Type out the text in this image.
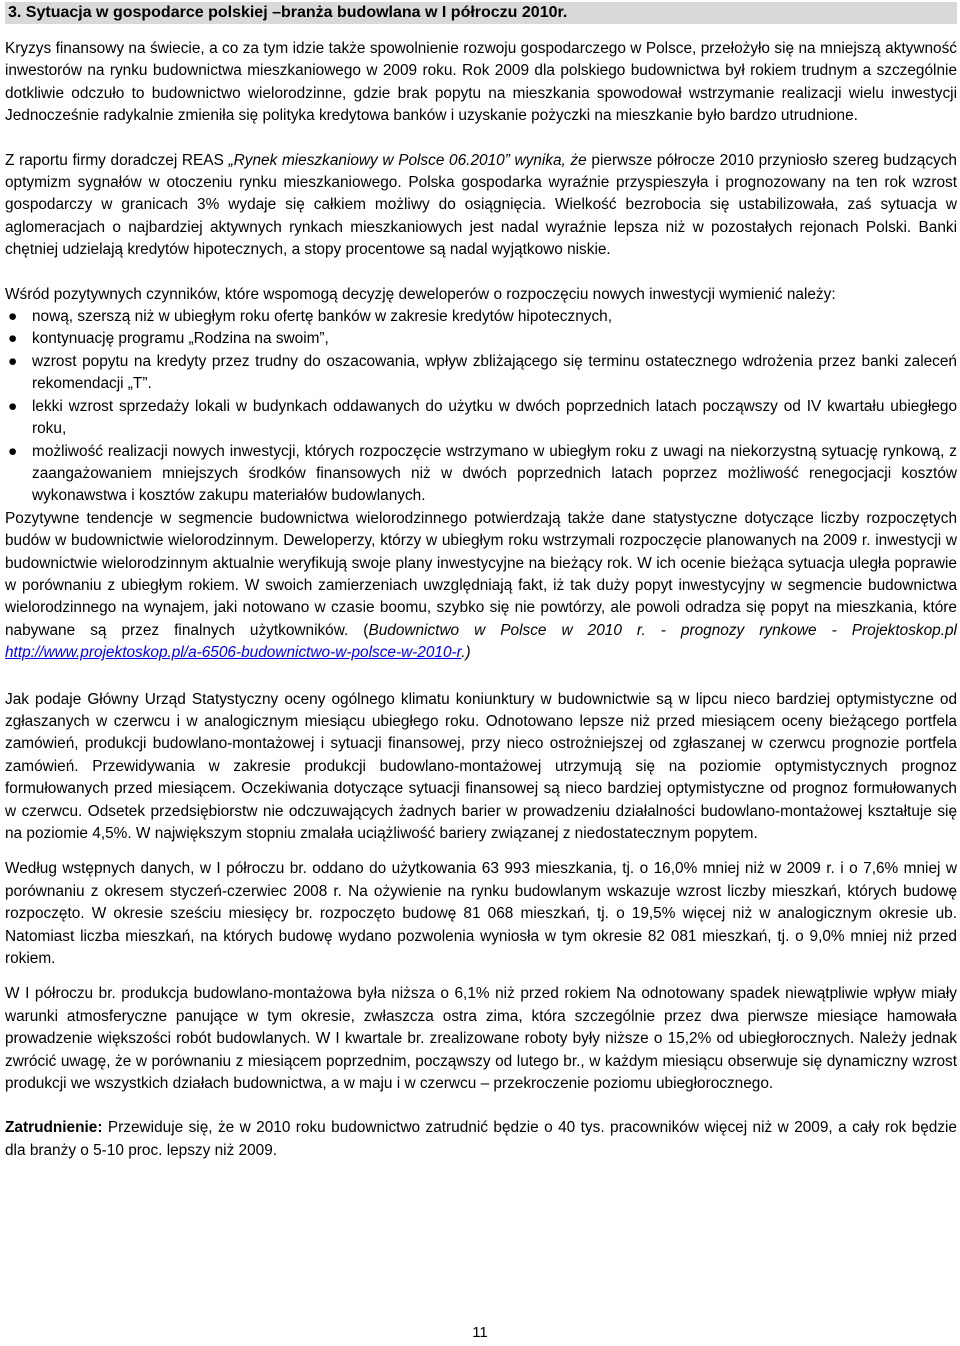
3. Sytuacja w gospodarce polskiej –branża budowlana w I półroczu 2010r.

Kryzys finansowy na świecie, a co za tym idzie także spowolnienie rozwoju gospodarczego w Polsce, przełożyło się na mniejszą aktywność inwestorów na rynku budownictwa mieszkaniowego w 2009 roku. Rok 2009 dla polskiego budownictwa był rokiem trudnym a szczególnie dotkliwie odczuło to budownictwo wielorodzinne, gdzie brak popytu na mieszkania spowodował wstrzymanie realizacji wielu inwestycji Jednocześnie radykalnie zmieniła się polityka kredytowa banków i uzyskanie pożyczki na mieszkanie było bardzo utrudnione.

Z raportu firmy doradczej REAS „Rynek mieszkaniowy w Polsce 06.2010” wynika, że pierwsze półrocze 2010 przyniosło szereg budzących optymizm sygnałów w otoczeniu rynku mieszkaniowego. Polska gospodarka wyraźnie przyspieszyła i prognozowany na ten rok wzrost gospodarczy w granicach 3% wydaje się całkiem możliwy do osiągnięcia. Wielkość bezrobocia się ustabilizowała, zaś sytuacja w aglomeracjach o najbardziej aktywnych rynkach mieszkaniowych jest nadal wyraźnie lepsza niż w pozostałych rejonach Polski. Banki chętniej udzielają kredytów hipotecznych, a stopy procentowe są nadal wyjątkowo niskie.

Wśród pozytywnych czynników, które wspomogą decyzję deweloperów o rozpoczęciu nowych inwestycji wymienić należy:

● nową, szerszą niż w ubiegłym roku ofertę banków w zakresie kredytów hipotecznych,
● kontynuację programu „Rodzina na swoim”,
● wzrost popytu na kredyty przez trudny do oszacowania, wpływ zbliżającego się terminu ostatecznego wdrożenia przez banki zaleceń rekomendacji „T”.
● lekki wzrost sprzedaży lokali w budynkach oddawanych do użytku w dwóch poprzednich latach począwszy od IV kwartału ubiegłego roku,
● możliwość realizacji nowych inwestycji, których rozpoczęcie wstrzymano w ubiegłym roku z uwagi na niekorzystną sytuację rynkową, z zaangażowaniem mniejszych środków finansowych niż w dwóch poprzednich latach poprzez możliwość renegocjacji kosztów wykonawstwa i kosztów zakupu materiałów budowlanych.

Pozytywne tendencje w segmencie budownictwa wielorodzinnego potwierdzają także dane statystyczne dotyczące liczby rozpoczętych budów w budownictwie wielorodzinnym. Deweloperzy, którzy w ubiegłym roku wstrzymali rozpoczęcie planowanych na 2009 r. inwestycji w budownictwie wielorodzinnym aktualnie weryfikują swoje plany inwestycyjne na bieżący rok. W ich ocenie bieżąca sytuacja uległa poprawie w porównaniu z ubiegłym rokiem. W swoich zamierzeniach uwzględniają fakt, iż tak duży popyt inwestycyjny w segmencie budownictwa wielorodzinnego na wynajem, jaki notowano w czasie boomu, szybko się nie powtórzy, ale powoli odradza się popyt na mieszkania, które nabywane są przez finalnych użytkowników. (Budownictwo w Polsce w 2010 r. - prognozy rynkowe - Projektoskop.pl http://www.projektoskop.pl/a-6506-budownictwo-w-polsce-w-2010-r.)

Jak podaje Główny Urząd Statystyczny oceny ogólnego klimatu koniunktury w budownictwie są w lipcu nieco bardziej optymistyczne od zgłaszanych w czerwcu i w analogicznym miesiącu ubiegłego roku. Odnotowano lepsze niż przed miesiącem oceny bieżącego portfela zamówień, produkcji budowlano-montażowej i sytuacji finansowej, przy nieco ostrożniejszej od zgłaszanej w czerwcu prognozie portfela zamówień. Przewidywania w zakresie produkcji budowlano-montażowej utrzymują się na poziomie optymistycznych prognoz formułowanych przed miesiącem. Oczekiwania dotyczące sytuacji finansowej są nieco bardziej optymistyczne od prognoz formułowanych w czerwcu. Odsetek przedsiębiorstw nie odczuwających żadnych barier w prowadzeniu działalności budowlano-montażowej kształtuje się na poziomie 4,5%. W największym stopniu zmalała uciążliwość bariery związanej z niedostatecznym popytem.

Według wstępnych danych, w I półroczu br. oddano do użytkowania 63 993 mieszkania, tj. o 16,0% mniej niż w 2009 r. i o 7,6% mniej w porównaniu z okresem styczeń-czerwiec 2008 r. Na ożywienie na rynku budowlanym wskazuje wzrost liczby mieszkań, których budowę rozpoczęto. W okresie sześciu miesięcy br. rozpoczęto budowę 81 068 mieszkań, tj. o 19,5% więcej niż w analogicznym okresie ub. Natomiast liczba mieszkań, na których budowę wydano pozwolenia wyniosła w tym okresie 82 081 mieszkań, tj. o 9,0% mniej niż przed rokiem.

W I półroczu br. produkcja budowlano-montażowa była niższa o 6,1% niż przed rokiem Na odnotowany spadek niewątpliwie wpływ miały warunki atmosferyczne panujące w tym okresie, zwłaszcza ostra zima, która szczególnie przez dwa pierwsze miesiące hamowała prowadzenie większości robót budowlanych. W I kwartale br. zrealizowane roboty były niższe o 15,2% od ubiegłorocznych. Należy jednak zwrócić uwagę, że w porównaniu z miesiącem poprzednim, począwszy od lutego br., w każdym miesiącu obserwuje się dynamiczny wzrost produkcji we wszystkich działach budownictwa, a w maju i w czerwcu – przekroczenie poziomu ubiegłorocznego.

Zatrudnienie: Przewiduje się, że w 2010 roku budownictwo zatrudnić będzie o 40 tys. pracowników więcej niż w 2009, a cały rok będzie dla branży o 5-10 proc. lepszy niż 2009.

11
